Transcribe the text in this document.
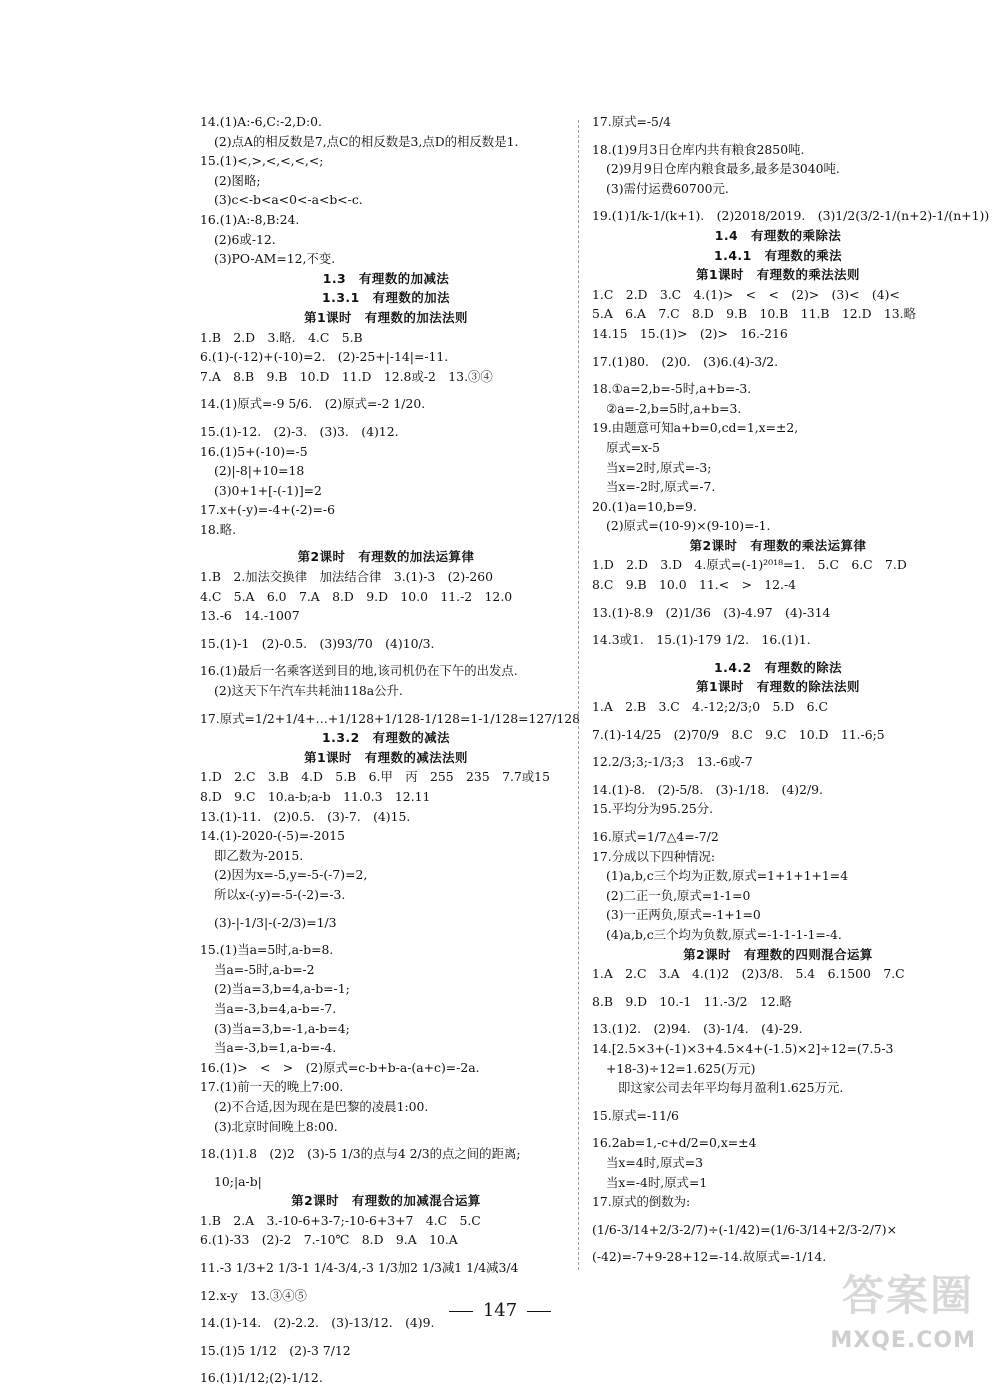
14.(1)A:-6,C:-2,D:0.
(2)点A的相反数是7,点C的相反数是3,点D的相反数是1.
15.(1)<,>,<,<,<,<;
(2)图略;
(3)c<-b<a<0<-a<b<-c.
16.(1)A:-8,B:24.
(2)6或-12.
(3)PO-AM=12,不变.
1.3　有理数的加减法
1.3.1　有理数的加法
第1课时　有理数的加法法则
1.B　2.D　3.略.　4.C　5.B
6.(1)-(-12)+(-10)=2.　(2)-25+|-14|=-11.
7.A　8.B　9.B　10.D　11.D　12.8或-2　13.③④
14.(1)原式=-9 5/6.　(2)原式=-2 1/20.
15.(1)-12.　(2)-3.　(3)3.　(4)12.
16.(1)5+(-10)=-5
(2)|-8|+10=18
(3)0+1+[-(-1)]=2
17.x+(-y)=-4+(-2)=-6
18.略.
第2课时　有理数的加法运算律
1.B　2.加法交换律　加法结合律　3.(1)-3　(2)-260
4.C　5.A　6.0　7.A　8.D　9.D　10.0　11.-2　12.0
13.-6　14.-1007
15.(1)-1　(2)-0.5.　(3)93/70　(4)10/3.
16.(1)最后一名乘客送到目的地,该司机仍在下午的出发点.
(2)这天下午汽车共耗油118a公升.
17.原式=1/2+1/4+…+1/128+1/128-1/128=1-1/128=127/128
1.3.2　有理数的减法
第1课时　有理数的减法法则
1.D　2.C　3.B　4.D　5.B　6.甲　丙　255　235　7.7或15
8.D　9.C　10.a-b;a-b　11.0.3　12.11
13.(1)-11.　(2)0.5.　(3)-7.　(4)15.
14.(1)-2020-(-5)=-2015
即乙数为-2015.
(2)因为x=-5,y=-5-(-7)=2,
所以x-(-y)=-5-(-2)=-3.
(3)-|-1/3|-(-2/3)=1/3
15.(1)当a=5时,a-b=8.
当a=-5时,a-b=-2
(2)当a=3,b=4,a-b=-1;
当a=-3,b=4,a-b=-7.
(3)当a=3,b=-1,a-b=4;
当a=-3,b=1,a-b=-4.
16.(1)>　<　>　(2)原式=c-b+b-a-(a+c)=-2a.
17.(1)前一天的晚上7:00.
(2)不合适,因为现在是巴黎的凌晨1:00.
(3)北京时间晚上8:00.
18.(1)1.8　(2)2　(3)-5 1/3的点与4 2/3的点之间的距离;
10;|a-b|
第2课时　有理数的加减混合运算
1.B　2.A　3.-10-6+3-7;-10-6+3+7　4.C　5.C
6.(1)-33　(2)-2　7.-10℃　8.D　9.A　10.A
11.-3 1/3+2 1/3-1 1/4-3/4,-3 1/3加2 1/3减1 1/4减3/4
12.x-y　13.③④⑤
14.(1)-14.　(2)-2.2.　(3)-13/12.　(4)9.
15.(1)5 1/12　(2)-3 7/12
16.(1)1/12;(2)-1/12.
17.原式=-5/4
18.(1)9月3日仓库内共有粮食2850吨.
(2)9月9日仓库内粮食最多,最多是3040吨.
(3)需付运费60700元.
19.(1)1/k-1/(k+1).　(2)2018/2019.　(3)1/2(3/2-1/(n+2)-1/(n+1))
1.4　有理数的乘除法
1.4.1　有理数的乘法
第1课时　有理数的乘法法则
1.C　2.D　3.C　4.(1)>　<　<　(2)>　(3)<　(4)<
5.A　6.A　7.C　8.D　9.B　10.B　11.B　12.D　13.略
14.15　15.(1)>　(2)>　16.-216
17.(1)80.　(2)0.　(3)6.(4)-3/2.
18.①a=2,b=-5时,a+b=-3.
②a=-2,b=5时,a+b=3.
19.由题意可知a+b=0,cd=1,x=±2,
原式=x-5
当x=2时,原式=-3;
当x=-2时,原式=-7.
20.(1)a=10,b=9.
(2)原式=(10-9)×(9-10)=-1.
第2课时　有理数的乘法运算律
1.D　2.D　3.D　4.原式=(-1)²⁰¹⁸=1.　5.C　6.C　7.D
8.C　9.B　10.0　11.<　>　12.-4
13.(1)-8.9　(2)1/36　(3)-4.97　(4)-314
14.3或1.　15.(1)-179 1/2.　16.(1)1.
1.4.2　有理数的除法
第1课时　有理数的除法法则
1.A　2.B　3.C　4.-12;2/3;0　5.D　6.C
7.(1)-14/25　(2)70/9　8.C　9.C　10.D　11.-6;5
12.2/3;3;-1/3;3　13.-6或-7
14.(1)-8.　(2)-5/8.　(3)-1/18.　(4)2/9.
15.平均分为95.25分.
16.原式=1/7△4=-7/2
17.分成以下四种情况:
(1)a,b,c三个均为正数,原式=1+1+1+1=4
(2)二正一负,原式=1-1=0
(3)一正两负,原式=-1+1=0
(4)a,b,c三个均为负数,原式=-1-1-1-1=-4.
第2课时　有理数的四则混合运算
1.A　2.C　3.A　4.(1)2　(2)3/8.　5.4　6.1500　7.C
8.B　9.D　10.-1　11.-3/2　12.略
13.(1)2.　(2)94.　(3)-1/4.　(4)-29.
14.[2.5×3+(-1)×3+4.5×4+(-1.5)×2]÷12=(7.5-3
+18-3)÷12=1.625(万元)
即这家公司去年平均每月盈利1.625万元.
15.原式=-11/6
16.2ab=1,-c+d/2=0,x=±4
当x=4时,原式=3
当x=-4时,原式=1
17.原式的倒数为:
(1/6-3/14+2/3-2/7)÷(-1/42)=(1/6-3/14+2/3-2/7)×
(-42)=-7+9-28+12=-14.故原式=-1/14.
147	答案圈
MXQE.COM
